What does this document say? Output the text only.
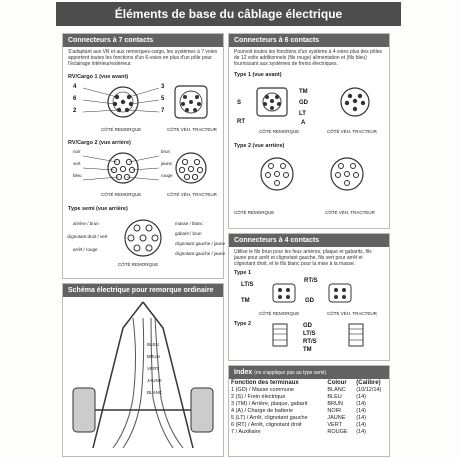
Éléments de base du câblage électrique
Connecteurs à 7 contacts
S'adaptant aux VR et aux remorques-cargo, les systèmes à 7 voies apportent toutes les fonctions d'un 6-voies en plus d'un pôle pour l'éclairage intérieur/extérieur.
RV/Cargo 1 (vue avant)
4
6
2
3
5
7
CÔTÉ REMORQUE	CÔTÉ VÉH. TRACTEUR
RV/Cargo 2 (vue arrière)
noir
vert
bleu
brun
jaune
rouge
CÔTÉ REMORQUE	CÔTÉ VÉH. TRACTEUR
Type semi (vue arrière)
arrière / brun
clignotant droit / vert
arrêt / rouge
masse / blanc
gabarit / brun
clignotant gauche / jaune
clignotant gauche / jaune
CÔTÉ REMORQUE
Connecteurs à 6 contacts
Pourvoit toutes les fonctions d'un système à 4 voies plus des pôles de 12 volts additionnels (fils rouge) alimentation et (fils bleu) fournissant aux systèmes de freins électriques.
Type 1 (vue avant)
S
TM
GD
LT
RT	A
CÔTÉ REMORQUE	CÔTÉ VÉH. TRACTEUR
Type 2 (vue arrière)
CÔTÉ REMORQUE	CÔTÉ VÉH. TRACTEUR
Connecteurs à 4 contacts
Utilise le fils brun pour les feux arrières, plaque et gabarits, fils jaune pour arrêt et clignotant gauche, fils vert pour arrêt et clignotant droit, et le fils blanc pour la mise à la masse.
Type 1
LT/S
RT/S
TM	GD
CÔTÉ REMORQUE	CÔTÉ VÉH. TRACTEUR
Type 2	GD
LT/S
RT/S
TM
Schéma électrique pour remorque ordinaire
BLEU
BRUN
VERT
JAUNE
BLANC
Index (ne s'applique pas au type semi)
Fonction des terminaux	Colour	(Calibre)
1 (GD) / Masse commune	BLANC	(10/12/14)
2 (S) / Frein électrique	BLEU	(14)
3 (TM) / Arrière, plaque, gabarit	BRUN	(14)
4 (A) / Charge de batterie	NOIR	(14)
5 (LT) / Arrêt, clignotant gauche	JAUNE	(14)
6 (RT) / Arrêt, clignotant droit	VERT	(14)
7 / Auxiliaire	ROUGE	(14)
